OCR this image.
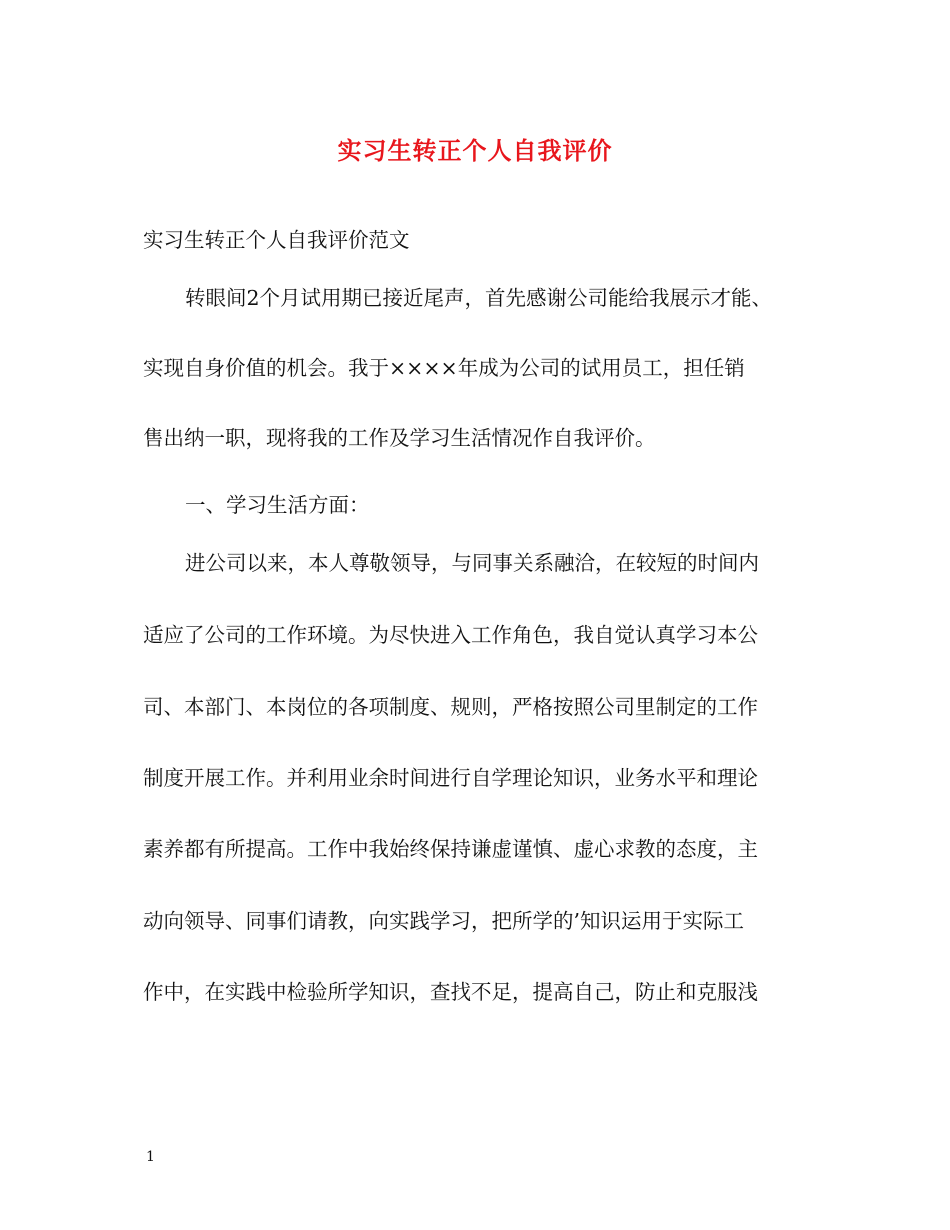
实习生转正个人自我评价
实习生转正个人自我评价范文
转眼间2个月试用期已接近尾声，首先感谢公司能给我展示才能、
实现自身价值的机会。我于××××年成为公司的试用员工，担任销
售出纳一职，现将我的工作及学习生活情况作自我评价。
一、学习生活方面：
进公司以来，本人尊敬领导，与同事关系融洽，在较短的时间内
适应了公司的工作环境。为尽快进入工作角色，我自觉认真学习本公
司、本部门、本岗位的各项制度、规则，严格按照公司里制定的工作
制度开展工作。并利用业余时间进行自学理论知识，业务水平和理论
素养都有所提高。工作中我始终保持谦虚谨慎、虚心求教的态度，主
动向领导、同事们请教，向实践学习，把所学的’知识运用于实际工
作中，在实践中检验所学知识，查找不足，提高自己，防止和克服浅
1
